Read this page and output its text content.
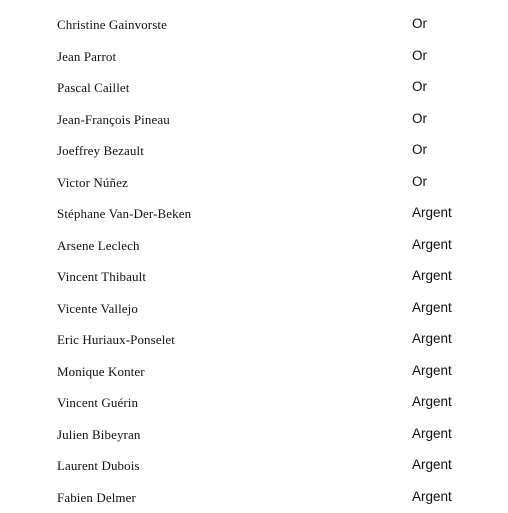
Christine Gainvorste	Or
Jean Parrot	Or
Pascal Caillet	Or
Jean-François Pineau	Or
Joeffrey Bezault	Or
Victor Núñez	Or
Stéphane Van-Der-Beken	Argent
Arsene Leclech	Argent
Vincent Thibault	Argent
Vicente Vallejo	Argent
Eric Huriaux-Ponselet	Argent
Monique Konter	Argent
Vincent Guérin	Argent
Julien Bibeyran	Argent
Laurent Dubois	Argent
Fabien Delmer	Argent
